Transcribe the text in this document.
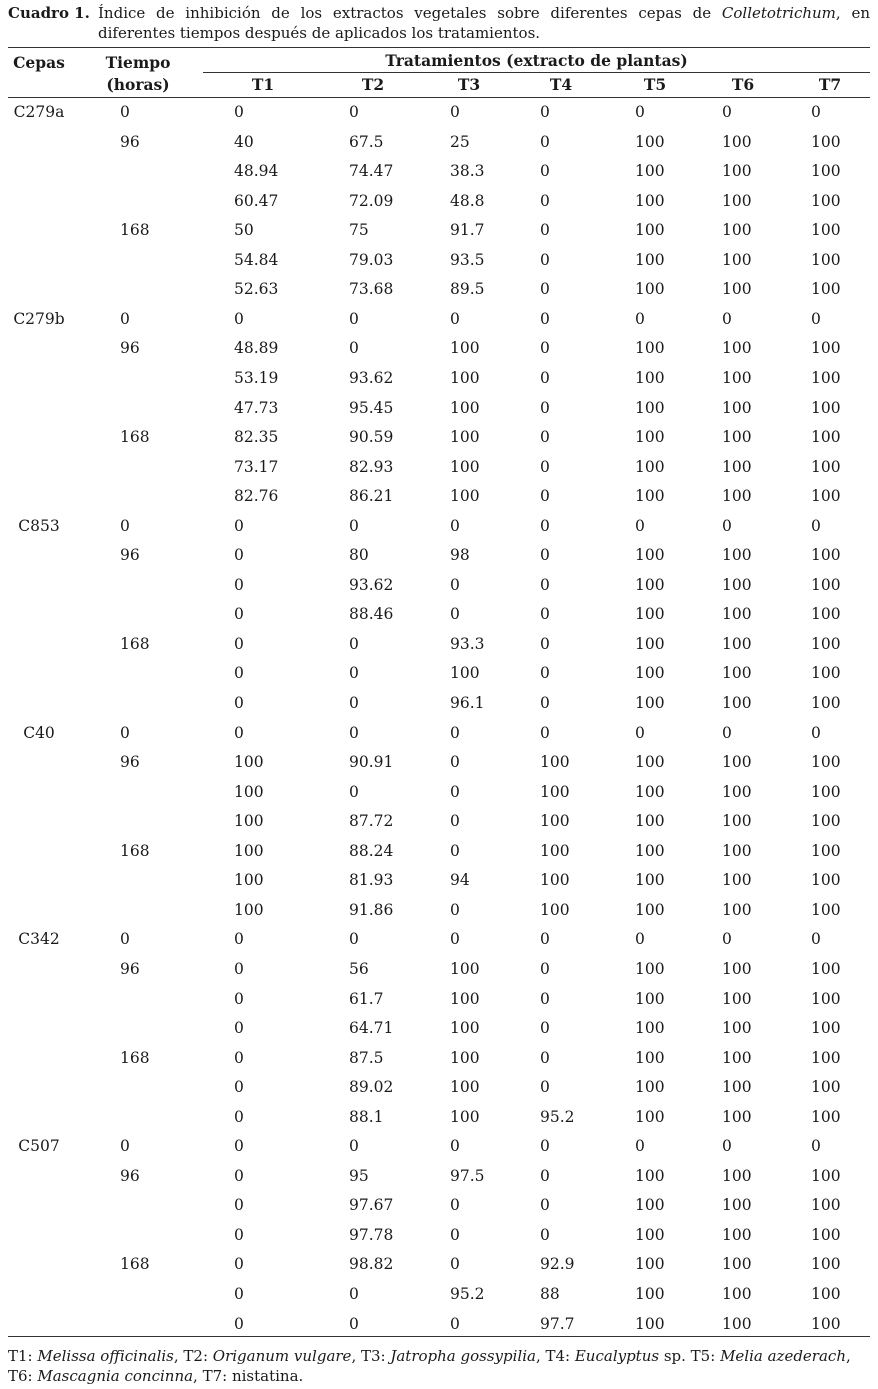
Cuadro 1. Índice de inhibición de los extractos vegetales sobre diferentes cepas de Colletotrichum, en diferentes tiempos después de aplicados los tratamientos.
Cepas	Tiempo
(horas)
Tratamientos (extracto de plantas)
T1	T2	T3	T4	T5	T6	T7
C279a	0	0	0	0	0	0	0	0
96	40	67.5	25	0	100	100	100
48.94	74.47	38.3	0	100	100	100
60.47	72.09	48.8	0	100	100	100
168	50	75	91.7	0	100	100	100
54.84	79.03	93.5	0	100	100	100
52.63	73.68	89.5	0	100	100	100
C279b	0	0	0	0	0	0	0	0
96	48.89	0	100	0	100	100	100
53.19	93.62	100	0	100	100	100
47.73	95.45	100	0	100	100	100
168	82.35	90.59	100	0	100	100	100
73.17	82.93	100	0	100	100	100
82.76	86.21	100	0	100	100	100
C853	0	0	0	0	0	0	0	0
96	0	80	98	0	100	100	100
0	93.62	0	0	100	100	100
0	88.46	0	0	100	100	100
168	0	0	93.3	0	100	100	100
0	0	100	0	100	100	100
0	0	96.1	0	100	100	100
C40	0	0	0	0	0	0	0	0
96	100	90.91	0	100	100	100	100
100	0	0	100	100	100	100
100	87.72	0	100	100	100	100
168	100	88.24	0	100	100	100	100
100	81.93	94	100	100	100	100
100	91.86	0	100	100	100	100
C342	0	0	0	0	0	0	0	0
96	0	56	100	0	100	100	100
0	61.7	100	0	100	100	100
0	64.71	100	0	100	100	100
168	0	87.5	100	0	100	100	100
0	89.02	100	0	100	100	100
0	88.1	100	95.2	100	100	100
C507	0	0	0	0	0	0	0	0
96	0	95	97.5	0	100	100	100
0	97.67	0	0	100	100	100
0	97.78	0	0	100	100	100
168	0	98.82	0	92.9	100	100	100
0	0	95.2	88	100	100	100
0	0	0	97.7	100	100	100
T1: Melissa officinalis, T2: Origanum vulgare, T3: Jatropha gossypilia, T4: Eucalyptus sp. T5: Melia azederach, T6: Mascagnia concinna, T7: nistatina.
